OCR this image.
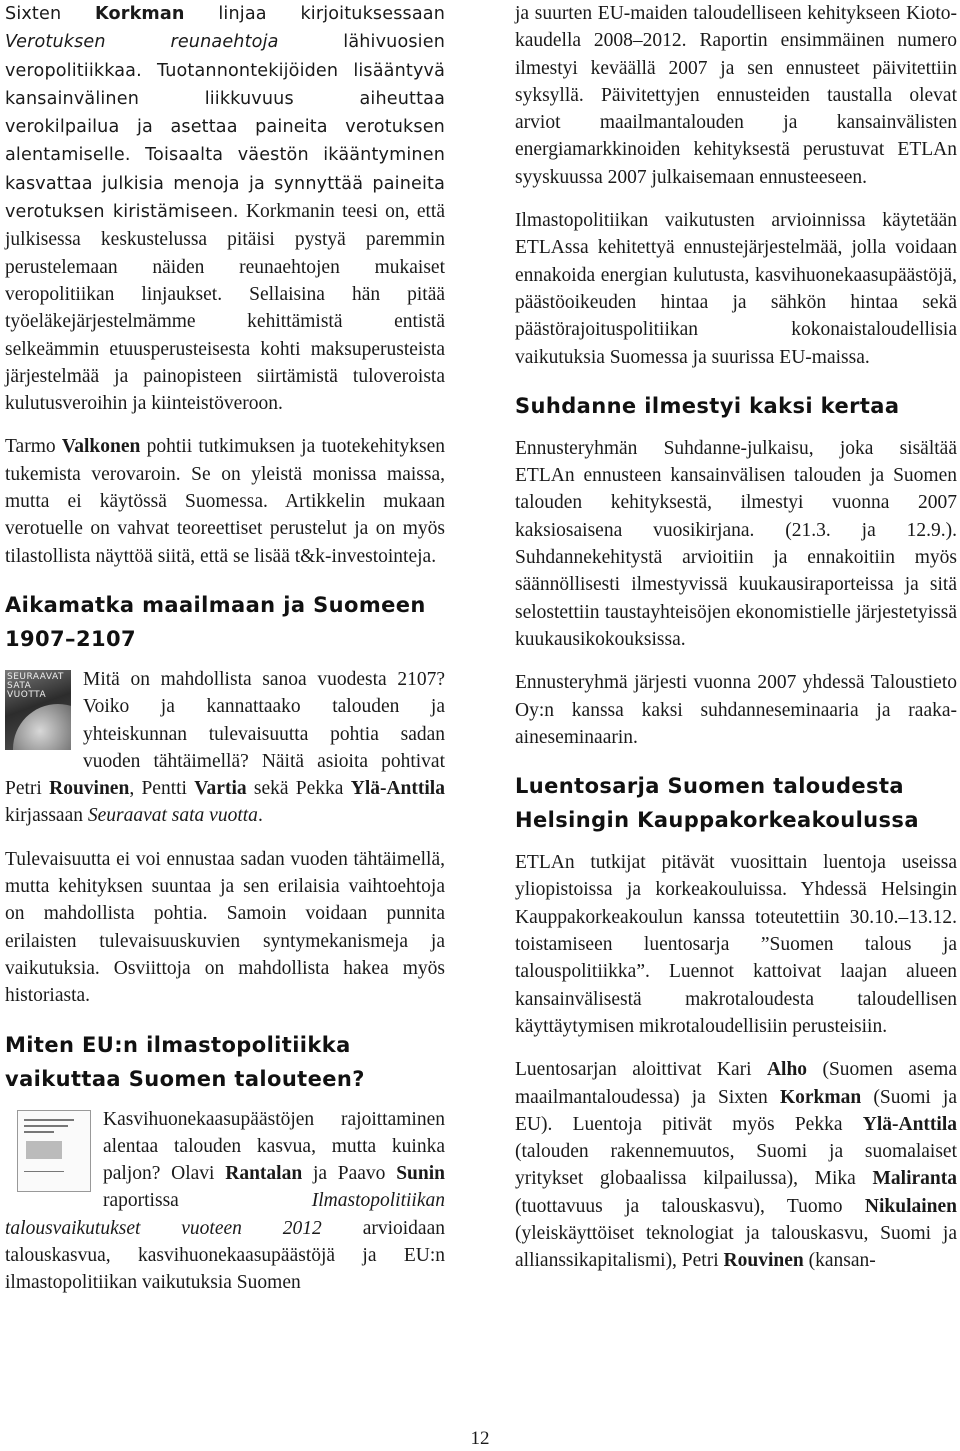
Sixten Korkman linjaa kirjoituksessaan Verotuksen reunaehtoja lähivuosien veropolitiikkaa. Tuotannontekijöiden lisääntyvä kansainvälinen liikkuvuus aiheuttaa verokilpailua ja asettaa paineita verotuksen alentamiselle. Toisaalta väestön ikääntyminen kasvattaa julkisia menoja ja synnyttää paineita verotuksen kiristämiseen. Korkmanin teesi on, että julkisessa keskustelussa pitäisi pystyä paremmin perustelemaan näiden reunaehtojen mukaiset veropolitiikan linjaukset. Sellaisina hän pitää työeläkejärjestelmämme kehittämistä entistä selkeämmin etuusperusteisesta kohti maksuperusteista järjestelmää ja painopisteen siirtämistä tuloveroista kulutusveroihin ja kiinteistöveroon.

Tarmo Valkonen pohtii tutkimuksen ja tuotekehityksen tukemista verovaroin. Se on yleistä monissa maissa, mutta ei käytössä Suomessa. Artikkelin mukaan verotuelle on vahvat teoreettiset perustelut ja on myös tilastollista näyttöä siitä, että se lisää t&k-investointeja.

Aikamatka maailmaan ja Suomeen 1907–2107

SEURAAVAT SATA VUOTTA
Mitä on mahdollista sanoa vuodesta 2107? Voiko ja kannattaako talouden ja yhteiskunnan tulevaisuutta pohtia sadan vuoden tähtäimellä? Näitä asioita pohtivat Petri Rouvinen, Pentti Vartia sekä Pekka Ylä-Anttila kirjassaan Seuraavat sata vuotta.

Tulevaisuutta ei voi ennustaa sadan vuoden tähtäimellä, mutta kehityksen suuntaa ja sen erilaisia vaihtoehtoja on mahdollista pohtia. Samoin voidaan punnita erilaisten tulevaisuuskuvien syntymekanismeja ja vaikutuksia. Osviittoja on mahdollista hakea myös historiasta.

Miten EU:n ilmastopolitiikka vaikuttaa Suomen talouteen?

Kasvihuonekaasupäästöjen rajoittaminen alentaa talouden kasvua, mutta kuinka paljon? Olavi Rantalan ja Paavo Sunin raportissa Ilmastopolitiikan talousvaikutukset vuoteen 2012 arvioidaan talouskasvua, kasvihuonekaasupäästöjä ja EU:n ilmastopolitiikan vaikutuksia Suomen

ja suurten EU-maiden taloudelliseen kehitykseen Kioto-kaudella 2008–2012. Raportin ensimmäinen numero ilmestyi keväällä 2007 ja sen ennusteet päivitettiin syksyllä. Päivitettyjen ennusteiden taustalla olevat arviot maailmantalouden ja kansainvälisten energiamarkkinoiden kehityksestä perustuvat ETLAn syyskuussa 2007 julkaisemaan ennusteeseen.

Ilmastopolitiikan vaikutusten arvioinnissa käytetään ETLAssa kehitettyä ennustejärjestelmää, jolla voidaan ennakoida energian kulutusta, kasvihuonekaasupäästöjä, päästöoikeuden hintaa ja sähkön hintaa sekä päästörajoituspolitiikan kokonaistaloudellisia vaikutuksia Suomessa ja suurissa EU-maissa.

Suhdanne ilmestyi kaksi kertaa

Ennusteryhmän Suhdanne-julkaisu, joka sisältää ETLAn ennusteen kansainvälisen talouden ja Suomen talouden kehityksestä, ilmestyi vuonna 2007 kaksiosaisena vuosikirjana. (21.3. ja 12.9.). Suhdannekehitystä arvioitiin ja ennakoitiin myös säännöllisesti ilmestyvissä kuukausiraporteissa ja sitä selostettiin taustayhteisöjen ekonomistielle järjestetyissä kuukausikokouksissa.

Ennusteryhmä järjesti vuonna 2007 yhdessä Taloustieto Oy:n kanssa kaksi suhdanneseminaaria ja raaka-aineseminaarin.

Luentosarja Suomen taloudesta Helsingin Kauppakorkeakoulussa

ETLAn tutkijat pitävät vuosittain luentoja useissa yliopistoissa ja korkeakouluissa. Yhdessä Helsingin Kauppakorkeakoulun kanssa toteutettiin 30.10.–13.12. toistamiseen luentosarja ”Suomen talous ja talouspolitiikka”. Luennot kattoivat laajan alueen kansainvälisestä makrotaloudesta taloudellisen käyttäytymisen mikrotaloudellisiin perusteisiin.

Luentosarjan aloittivat Kari Alho (Suomen asema maailmantaloudessa) ja Sixten Korkman (Suomi ja EU). Luentoja pitivät myös Pekka Ylä-Anttila (talouden rakennemuutos, Suomi ja suomalaiset yritykset globaalissa kilpailussa), Mika Maliranta (tuottavuus ja talouskasvu), Tuomo Nikulainen (yleiskäyttöiset teknologiat ja talouskasvu, Suomi ja allianssikapitalismi), Petri Rouvinen (kansan-

12
